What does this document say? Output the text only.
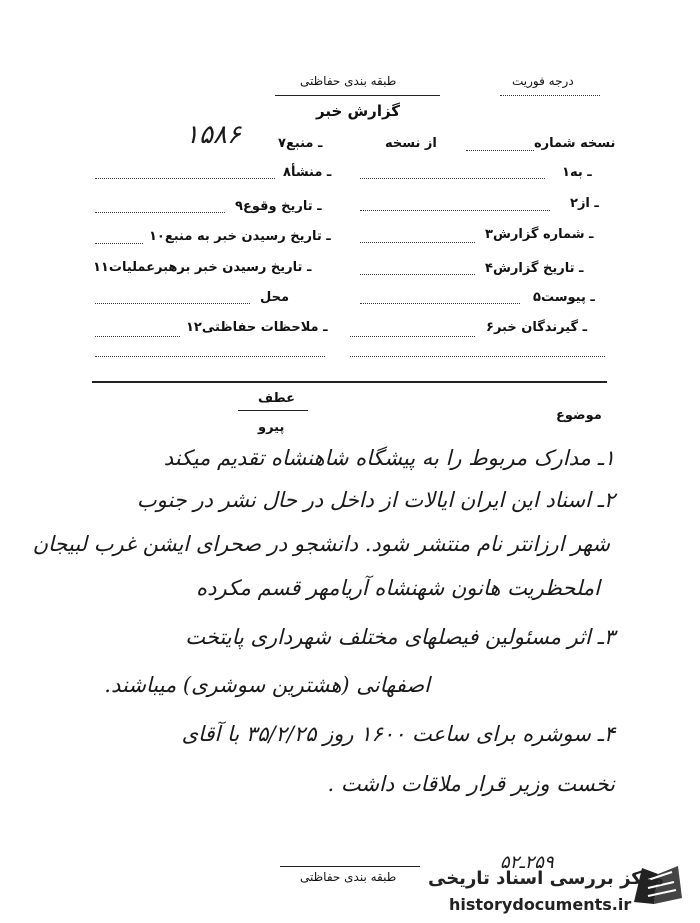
درجه فوریت
طبقه بندی حفاظتی
گزارش خبر
۱۵۸۶	نسخه شماره
از نسخه
۱ـ به
۲ـ از
۳ـ شماره گزارش
۴ـ تاریخ گزارش
۵ـ پیوست
۶ـ گیرندگان خبر
۷ـ منبع
۸ـ منشأ
۹ـ تاریخ وقوع
۱۰ـ تاریخ رسیدن خبر به منبع
۱۱ـ تاریخ رسیدن خبر برهبرعملیات
محل
۱۲ـ ملاحظات حفاظتی
موضوع
عطف
پیرو
۱ـ مدارک مربوط را به پیشگاه شاهنشاه تقدیم میکند
۲ـ اسناد این ایران ایالات از داخل در حال نشر در جنوب
شهر ارزانتر نام منتشر شود. دانشجو در صحرای ایشن غرب لبیجان
املحظریت هانون شهنشاه آریامهر قسم مکرده
۳ـ اثر مسئولین فیصلهای مختلف شهرداری پایتخت
اصفهانی (هشترین سوشری) میباشند.
۴ـ سوشره برای ساعت ۱۶۰۰ روز ۳۵/۲/۲۵ با آقای
نخست وزیر قرار ملاقات داشت .
طبقه بندی حفاظتی
۲۵۹ـ۵۲
مرکز بررسی اسناد تاریخی
historydocuments.ir
